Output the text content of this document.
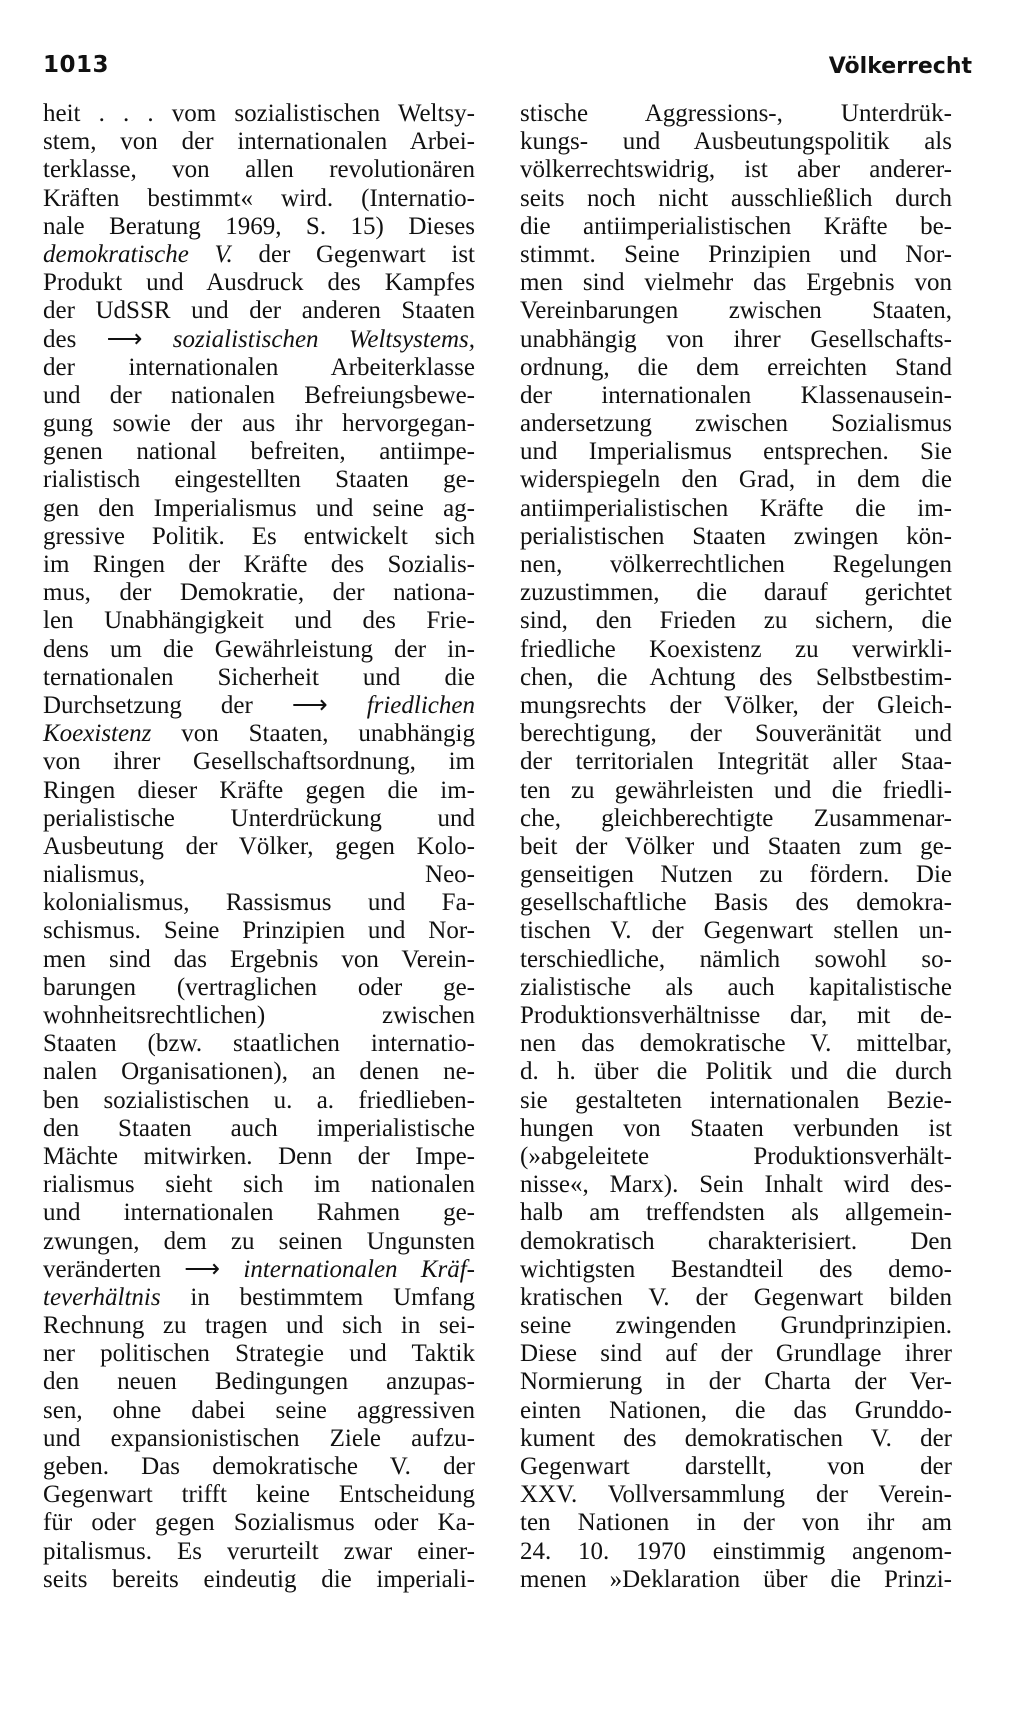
1013	Völkerrecht
heit . . . vom sozialistischen Weltsy-
stem, von der internationalen Arbei-
terklasse, von allen revolutionären
Kräften bestimmt« wird. (Internatio-
nale Beratung 1969, S. 15) Dieses
demokratische V. der Gegenwart ist
Produkt und Ausdruck des Kampfes
der UdSSR und der anderen Staaten
des ⟶ sozialistischen Weltsystems,
der internationalen Arbeiterklasse
und der nationalen Befreiungsbewe-
gung sowie der aus ihr hervorgegan-
genen national befreiten, antiimpe-
rialistisch eingestellten Staaten ge-
gen den Imperialismus und seine ag-
gressive Politik. Es entwickelt sich
im Ringen der Kräfte des Sozialis-
mus, der Demokratie, der nationa-
len Unabhängigkeit und des Frie-
dens um die Gewährleistung der in-
ternationalen Sicherheit und die
Durchsetzung der ⟶ friedlichen
Koexistenz von Staaten, unabhängig
von ihrer Gesellschaftsordnung, im
Ringen dieser Kräfte gegen die im-
perialistische Unterdrückung und
Ausbeutung der Völker, gegen Kolo-
nialismus, Neo-
kolonialismus, Rassismus und Fa-
schismus. Seine Prinzipien und Nor-
men sind das Ergebnis von Verein-
barungen (vertraglichen oder ge-
wohnheitsrechtlichen) zwischen
Staaten (bzw. staatlichen internatio-
nalen Organisationen), an denen ne-
ben sozialistischen u. a. friedlieben-
den Staaten auch imperialistische
Mächte mitwirken. Denn der Impe-
rialismus sieht sich im nationalen
und internationalen Rahmen ge-
zwungen, dem zu seinen Ungunsten
veränderten ⟶ internationalen Kräf-
teverhältnis in bestimmtem Umfang
Rechnung zu tragen und sich in sei-
ner politischen Strategie und Taktik
den neuen Bedingungen anzupas-
sen, ohne dabei seine aggressiven
und expansionistischen Ziele aufzu-
geben. Das demokratische V. der
Gegenwart trifft keine Entscheidung
für oder gegen Sozialismus oder Ka-
pitalismus. Es verurteilt zwar einer-
seits bereits eindeutig die imperiali-
stische Aggressions-, Unterdrük-
kungs- und Ausbeutungspolitik als
völkerrechtswidrig, ist aber anderer-
seits noch nicht ausschließlich durch
die antiimperialistischen Kräfte be-
stimmt. Seine Prinzipien und Nor-
men sind vielmehr das Ergebnis von
Vereinbarungen zwischen Staaten,
unabhängig von ihrer Gesellschafts-
ordnung, die dem erreichten Stand
der internationalen Klassenausein-
andersetzung zwischen Sozialismus
und Imperialismus entsprechen. Sie
widerspiegeln den Grad, in dem die
antiimperialistischen Kräfte die im-
perialistischen Staaten zwingen kön-
nen, völkerrechtlichen Regelungen
zuzustimmen, die darauf gerichtet
sind, den Frieden zu sichern, die
friedliche Koexistenz zu verwirkli-
chen, die Achtung des Selbstbestim-
mungsrechts der Völker, der Gleich-
berechtigung, der Souveränität und
der territorialen Integrität aller Staa-
ten zu gewährleisten und die friedli-
che, gleichberechtigte Zusammenar-
beit der Völker und Staaten zum ge-
genseitigen Nutzen zu fördern. Die
gesellschaftliche Basis des demokra-
tischen V. der Gegenwart stellen un-
terschiedliche, nämlich sowohl so-
zialistische als auch kapitalistische
Produktionsverhältnisse dar, mit de-
nen das demokratische V. mittelbar,
d. h. über die Politik und die durch
sie gestalteten internationalen Bezie-
hungen von Staaten verbunden ist
(»abgeleitete Produktionsverhält-
nisse«, Marx). Sein Inhalt wird des-
halb am treffendsten als allgemein-
demokratisch charakterisiert. Den
wichtigsten Bestandteil des demo-
kratischen V. der Gegenwart bilden
seine zwingenden Grundprinzipien.
Diese sind auf der Grundlage ihrer
Normierung in der Charta der Ver-
einten Nationen, die das Grunddo-
kument des demokratischen V. der
Gegenwart darstellt, von der
XXV. Vollversammlung der Verein-
ten Nationen in der von ihr am
24. 10. 1970 einstimmig angenom-
menen »Deklaration über die Prinzi-
